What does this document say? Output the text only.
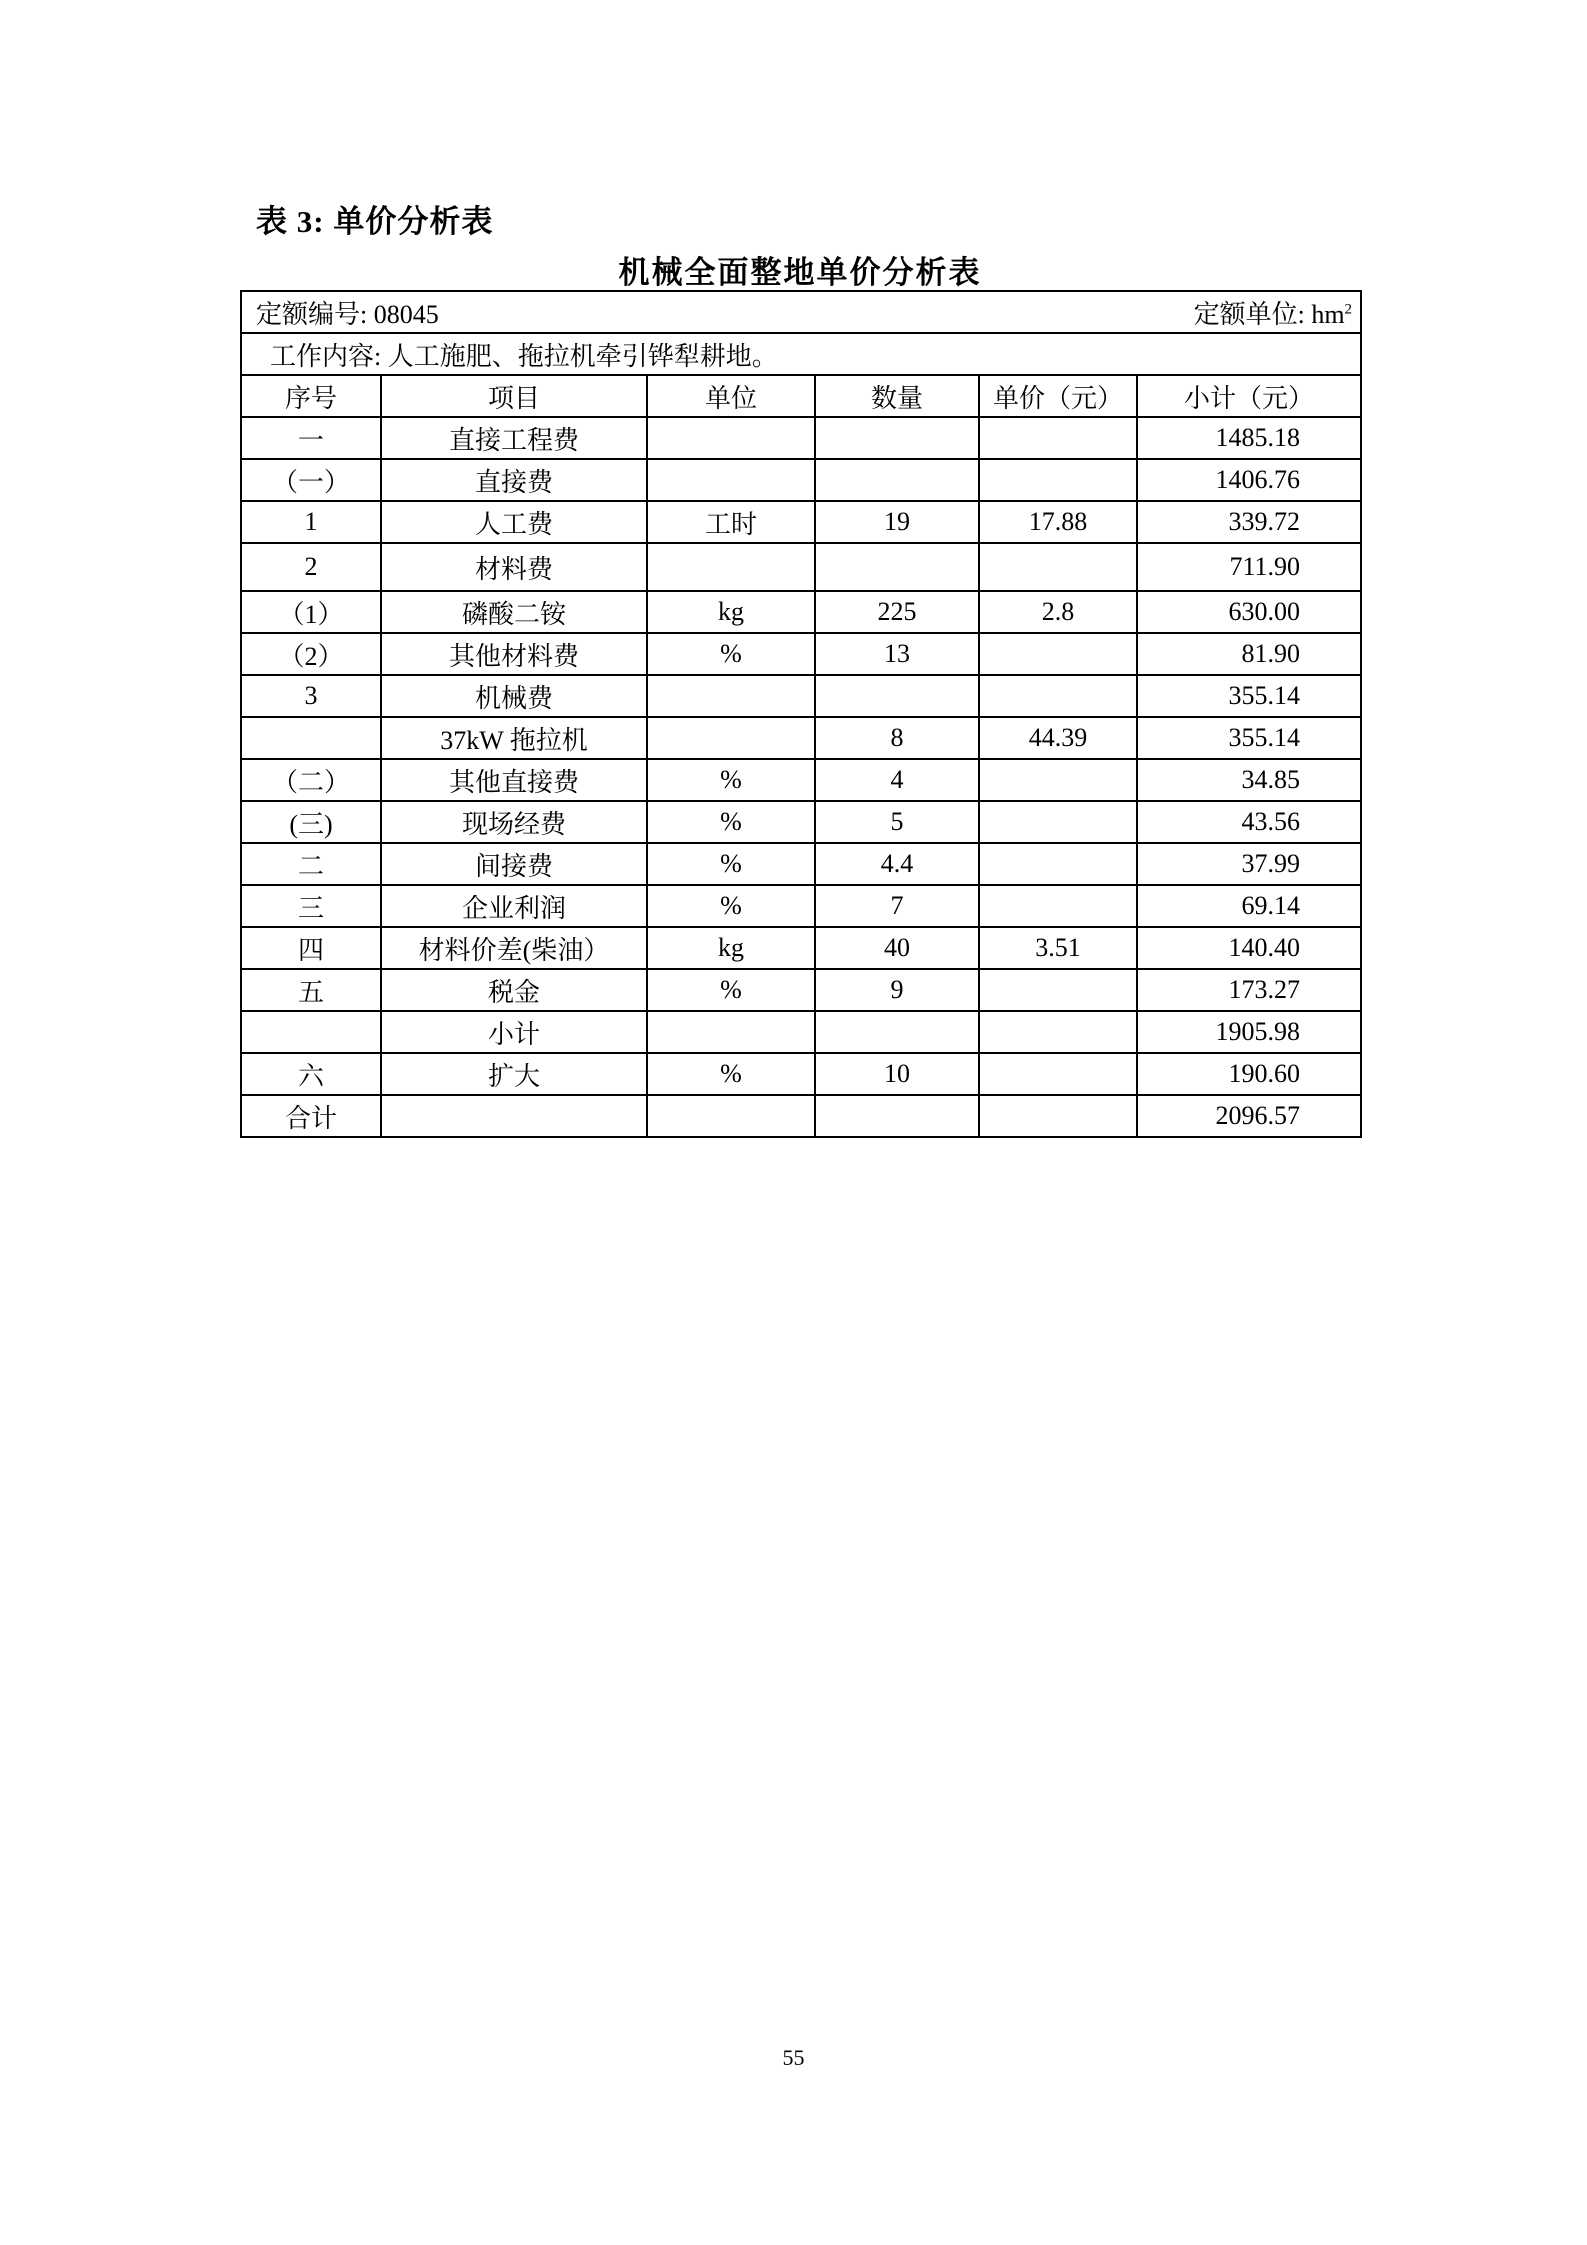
表 3: 单价分析表
机械全面整地单价分析表
定额编号: 08045 定额单位: $hm^2$

工作内容: 人工施肥、拖拉机牵引铧犁耕地。					
序号	项目	单位	数量	单价（元）	小计（元）
一	直接工程费				1485.18
（一）	直接费				1406.76
1	人工费	工时	19	17.88	339.72
2	材料费				711.90
（1）	磷酸二铵	kg	225	2.8	630.00
（2）	其他材料费	%	13		81.90
3	机械费				355.14
	37kW 拖拉机		8	44.39	355.14
（二）	其他直接费	%	4		34.85
(三)	现场经费	%	5		43.56
二	间接费	%	4.4		37.99
三	企业利润	%	7		69.14
四	材料价差(柴油）	kg	40	3.51	140.40
五	税金	%	9		173.27
	小计				1905.98
六	扩大	%	10		190.60
合计					2096.57
55
